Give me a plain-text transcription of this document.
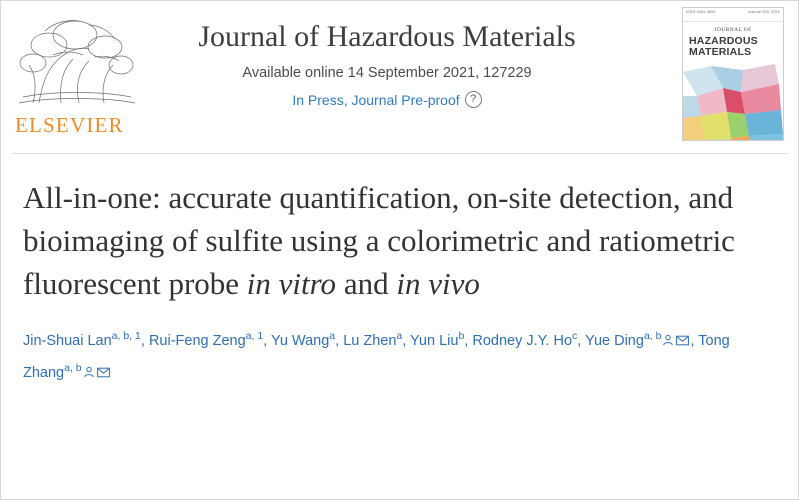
ELSEVIER
Journal of Hazardous Materials
Available online 14 September 2021, 127229
In Press, Journal Pre-proof ?
ISSN 0304-3894	Volume 000, 2021
JOURNAL OF
HAZARDOUS
MATERIALS
All-in-one: accurate quantification, on-site detection, and bioimaging of sulfite using a colorimetric and ratiometric fluorescent probe in vitro and in vivo
Jin-Shuai Lan$^{a, b, 1}$, Rui-Feng Zeng$^{a, 1}$, Yu Wang$^a$, Lu Zhen$^a$, Yun Liu$^b$, Rodney J.Y. Ho$^c$, Yue Ding$^{a, b}$ , Tong Zhang$^{a, b}$
